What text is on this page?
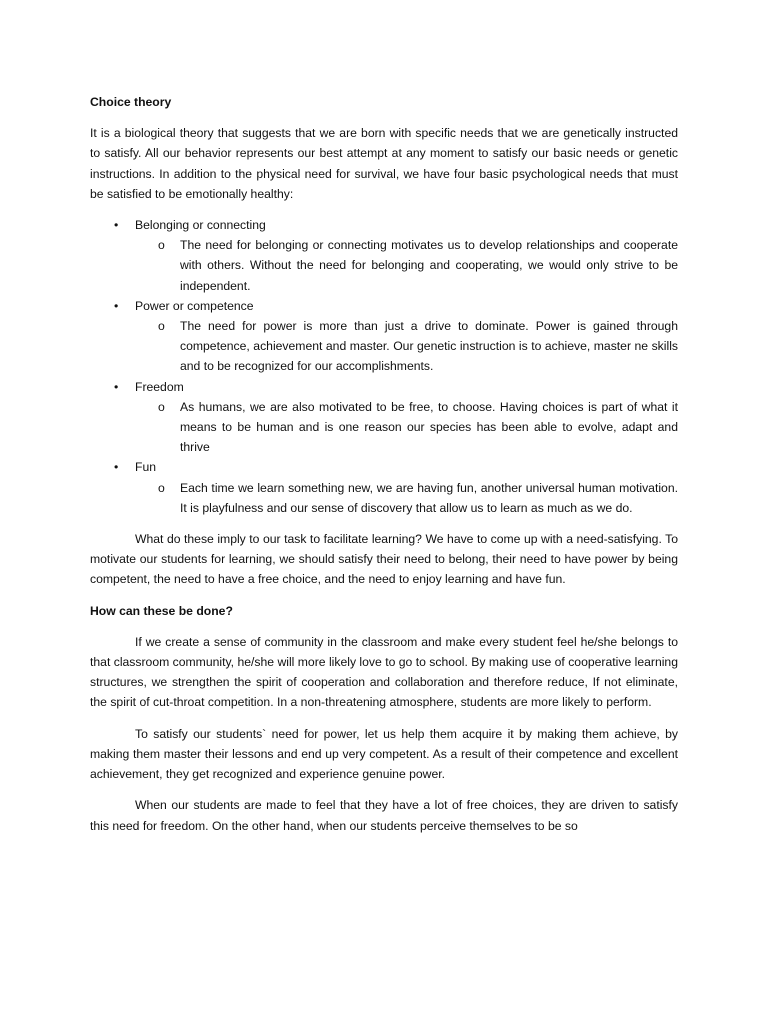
Choice theory

It is a biological theory that suggests that we are born with specific needs that we are genetically instructed to satisfy. All our behavior represents our best attempt at any moment to satisfy our basic needs or genetic instructions. In addition to the physical need for survival, we have four basic psychological needs that must be satisfied to be emotionally healthy:

• Belonging or connecting
o The need for belonging or connecting motivates us to develop relationships and cooperate with others. Without the need for belonging and cooperating, we would only strive to be independent.
• Power or competence
o The need for power is more than just a drive to dominate. Power is gained through competence, achievement and master. Our genetic instruction is to achieve, master ne skills and to be recognized for our accomplishments.
• Freedom
o As humans, we are also motivated to be free, to choose. Having choices is part of what it means to be human and is one reason our species has been able to evolve, adapt and thrive
• Fun
o Each time we learn something new, we are having fun, another universal human motivation. It is playfulness and our sense of discovery that allow us to learn as much as we do.

What do these imply to our task to facilitate learning? We have to come up with a need-satisfying. To motivate our students for learning, we should satisfy their need to belong, their need to have power by being competent, the need to have a free choice, and the need to enjoy learning and have fun.

How can these be done?

If we create a sense of community in the classroom and make every student feel he/she belongs to that classroom community, he/she will more likely love to go to school. By making use of cooperative learning structures, we strengthen the spirit of cooperation and collaboration and therefore reduce, If not eliminate, the spirit of cut-throat competition. In a non-threatening atmosphere, students are more likely to perform.

To satisfy our students` need for power, let us help them acquire it by making them achieve, by making them master their lessons and end up very competent. As a result of their competence and excellent achievement, they get recognized and experience genuine power.

When our students are made to feel that they have a lot of free choices, they are driven to satisfy this need for freedom. On the other hand, when our students perceive themselves to be so
